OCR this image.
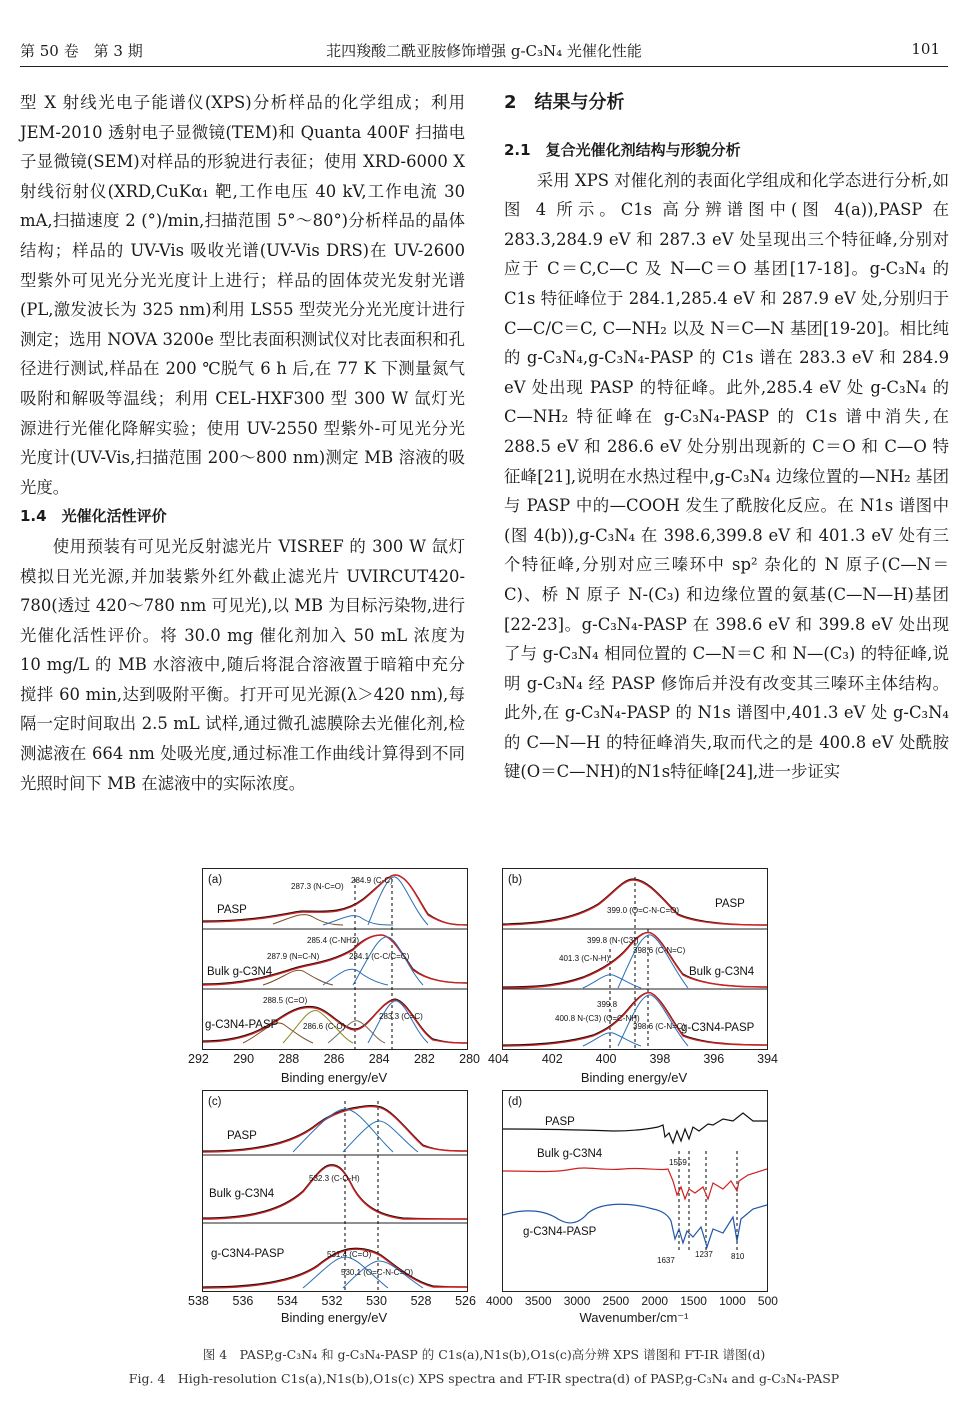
第 50 卷　第 3 期	苝四羧酸二酰亚胺修饰增强 g-C₃N₄ 光催化性能	101

型 X 射线光电子能谱仪(XPS)分析样品的化学组成；利用 JEM-2010 透射电子显微镜(TEM)和 Quanta 400F 扫描电子显微镜(SEM)对样品的形貌进行表征；使用 XRD-6000 X 射线衍射仪(XRD,CuKα₁ 靶,工作电压 40 kV,工作电流 30 mA,扫描速度 2 (°)/min,扫描范围 5°～80°)分析样品的晶体结构；样品的 UV-Vis 吸收光谱(UV-Vis DRS)在 UV-2600 型紫外可见光分光光度计上进行；样品的固体荧光发射光谱(PL,激发波长为 325 nm)利用 LS55 型荧光分光光度计进行测定；选用 NOVA 3200e 型比表面积测试仪对比表面积和孔径进行测试,样品在 200 ℃脱气 6 h 后,在 77 K 下测量氮气吸附和解吸等温线；利用 CEL-HXF300 型 300 W 氙灯光源进行光催化降解实验；使用 UV-2550 型紫外-可见光分光光度计(UV-Vis,扫描范围 200～800 nm)测定 MB 溶液的吸光度。

1.4　光催化活性评价

使用预装有可见光反射滤光片 VISREF 的 300 W 氙灯模拟日光光源,并加装紫外红外截止滤光片 UVIRCUT420-780(透过 420～780 nm 可见光),以 MB 为目标污染物,进行光催化活性评价。将 30.0 mg 催化剂加入 50 mL 浓度为 10 mg/L 的 MB 水溶液中,随后将混合溶液置于暗箱中充分搅拌 60 min,达到吸附平衡。打开可见光源(λ＞420 nm),每隔一定时间取出 2.5 mL 试样,通过微孔滤膜除去光催化剂,检测滤液在 664 nm 处吸光度,通过标准工作曲线计算得到不同光照时间下 MB 在滤液中的实际浓度。

2　结果与分析

2.1　复合光催化剂结构与形貌分析

采用 XPS 对催化剂的表面化学组成和化学态进行分析,如图 4 所示。C1s 高分辨谱图中(图 4(a)),PASP 在 283.3,284.9 eV 和 287.3 eV 处呈现出三个特征峰,分别对应于 C＝C,C—C 及 N—C＝O 基团[17-18]。g-C₃N₄ 的 C1s 特征峰位于 284.1,285.4 eV 和 287.9 eV 处,分别归于 C—C/C＝C, C—NH₂ 以及 N＝C—N 基团[19-20]。相比纯的 g-C₃N₄,g-C₃N₄-PASP 的 C1s 谱在 283.3 eV 和 284.9 eV 处出现 PASP 的特征峰。此外,285.4 eV 处 g-C₃N₄ 的 C—NH₂ 特征峰在 g-C₃N₄-PASP 的 C1s 谱中消失,在 288.5 eV 和 286.6 eV 处分别出现新的 C＝O 和 C—O 特征峰[21],说明在水热过程中,g-C₃N₄ 边缘位置的—NH₂ 基团与 PASP 中的—COOH 发生了酰胺化反应。在 N1s 谱图中(图 4(b)),g-C₃N₄ 在 398.6,399.8 eV 和 401.3 eV 处有三个特征峰,分别对应三嗪环中 sp² 杂化的 N 原子(C—N＝C)、桥 N 原子 N-(C₃) 和边缘位置的氨基(C—N—H)基团[22-23]。g-C₃N₄-PASP 在 398.6 eV 和 399.8 eV 处出现了与 g-C₃N₄ 相同位置的 C—N＝C 和 N—(C₃) 的特征峰,说明 g-C₃N₄ 经 PASP 修饰后并没有改变其三嗪环主体结构。此外,在 g-C₃N₄-PASP 的 N1s 谱图中,401.3 eV 处 g-C₃N₄ 的 C—N—H 的特征峰消失,取而代之的是 400.8 eV 处酰胺键(O＝C—NH)的N1s特征峰[24],进一步证实

(a)
PASP
Bulk g-C3N4
g-C3N4-PASP
287.3 (N-C=O)
284.9 (C-C)
285.4 (C-NH2)
287.9 (N=C-N)	284.1 (C-C/C=C)
288.5 (C=O)
286.6 (C-O)
283.3 (C=C)
292 290 288 286 284 282 280
Binding energy/eV
(b)
PASP
Bulk g-C3N4
g-C3N4-PASP
399.0 (O=C-N-C=O)
399.8 (N-(C3))
401.3 (C-N-H)
398.6 (C-N=C)
400.8 N-(C3) (O=C-NH)
399.8
398.6 (C-N=C)
404	402	400	398	396	394
Binding energy/eV
(c)
PASP
Bulk g-C3N4
g-C3N4-PASP
532.3 (C-O-H)
531.4 (C=O)
530.1 (O=C-N-C=O)
538 536 534 532 530 528 526
Binding energy/eV
(d)
PASP
Bulk g-C3N4
g-C3N4-PASP
1559
1637
1237 810
4000 3500 3000 2500 2000 1500 1000 500
Wavenumber/cm⁻¹
图 4　PASP,g-C₃N₄ 和 g-C₃N₄-PASP 的 C1s(a),N1s(b),O1s(c)高分辨 XPS 谱图和 FT-IR 谱图(d)
Fig. 4　High-resolution C1s(a),N1s(b),O1s(c) XPS spectra and FT-IR spectra(d) of PASP,g-C₃N₄ and g-C₃N₄-PASP
